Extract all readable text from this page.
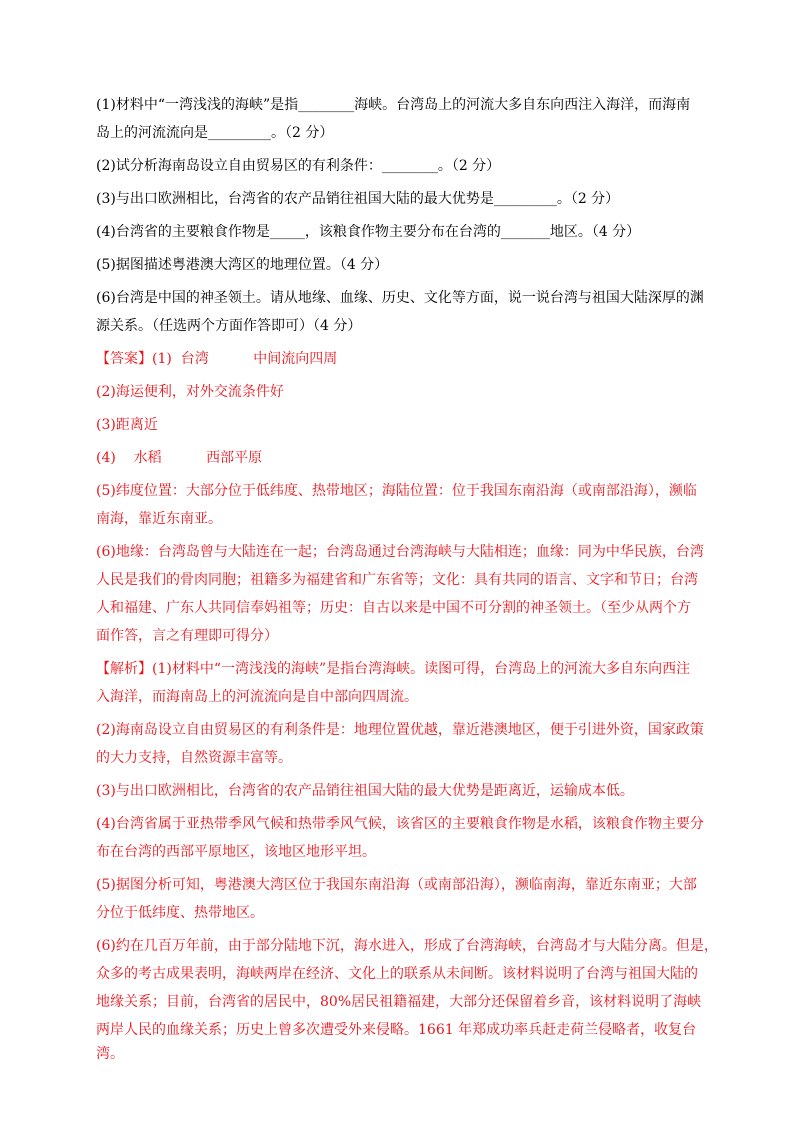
(1)材料中“一湾浅浅的海峡”是指________海峡。台湾岛上的河流大多自东向西注入海洋，而海南
岛上的河流流向是_________。（2 分）
(2)试分析海南岛设立自由贸易区的有利条件：________。（2 分）
(3)与出口欧洲相比，台湾省的农产品销往祖国大陆的最大优势是_________。（2 分）
(4)台湾省的主要粮食作物是_____，该粮食作物主要分布在台湾的_______地区。（4 分）
(5)据图描述粤港澳大湾区的地理位置。（4 分）
(6)台湾是中国的神圣领土。请从地缘、血缘、历史、文化等方面，说一说台湾与祖国大陆深厚的渊
源关系。（任选两个方面作答即可）（4 分）
【答案】(1)  台湾          中间流向四周
(2)海运便利，对外交流条件好
(3)距离近
(4)    水稻          西部平原
(5)纬度位置：大部分位于低纬度、热带地区；海陆位置：位于我国东南沿海（或南部沿海），濒临
南海，靠近东南亚。
(6)地缘：台湾岛曾与大陆连在一起；台湾岛通过台湾海峡与大陆相连；血缘：同为中华民族，台湾
人民是我们的骨肉同胞；祖籍多为福建省和广东省等；文化：具有共同的语言、文字和节日；台湾
人和福建、广东人共同信奉妈祖等；历史：自古以来是中国不可分割的神圣领土。（至少从两个方
面作答，言之有理即可得分）
【解析】(1)材料中“一湾浅浅的海峡”是指台湾海峡。读图可得，台湾岛上的河流大多自东向西注
入海洋，而海南岛上的河流流向是自中部向四周流。
(2)海南岛设立自由贸易区的有利条件是：地理位置优越，靠近港澳地区，便于引进外资，国家政策
的大力支持，自然资源丰富等。
(3)与出口欧洲相比，台湾省的农产品销往祖国大陆的最大优势是距离近，运输成本低。
(4)台湾省属于亚热带季风气候和热带季风气候，该省区的主要粮食作物是水稻，该粮食作物主要分
布在台湾的西部平原地区，该地区地形平坦。
(5)据图分析可知，粤港澳大湾区位于我国东南沿海（或南部沿海），濒临南海，靠近东南亚；大部
分位于低纬度、热带地区。
(6)约在几百万年前，由于部分陆地下沉，海水进入，形成了台湾海峡，台湾岛才与大陆分离。但是，
众多的考古成果表明，海峡两岸在经济、文化上的联系从未间断。该材料说明了台湾与祖国大陆的
地缘关系；目前，台湾省的居民中，80%居民祖籍福建，大部分还保留着乡音，该材料说明了海峡
两岸人民的血缘关系；历史上曾多次遭受外来侵略。1661 年郑成功率兵赶走荷兰侵略者，收复台湾。
